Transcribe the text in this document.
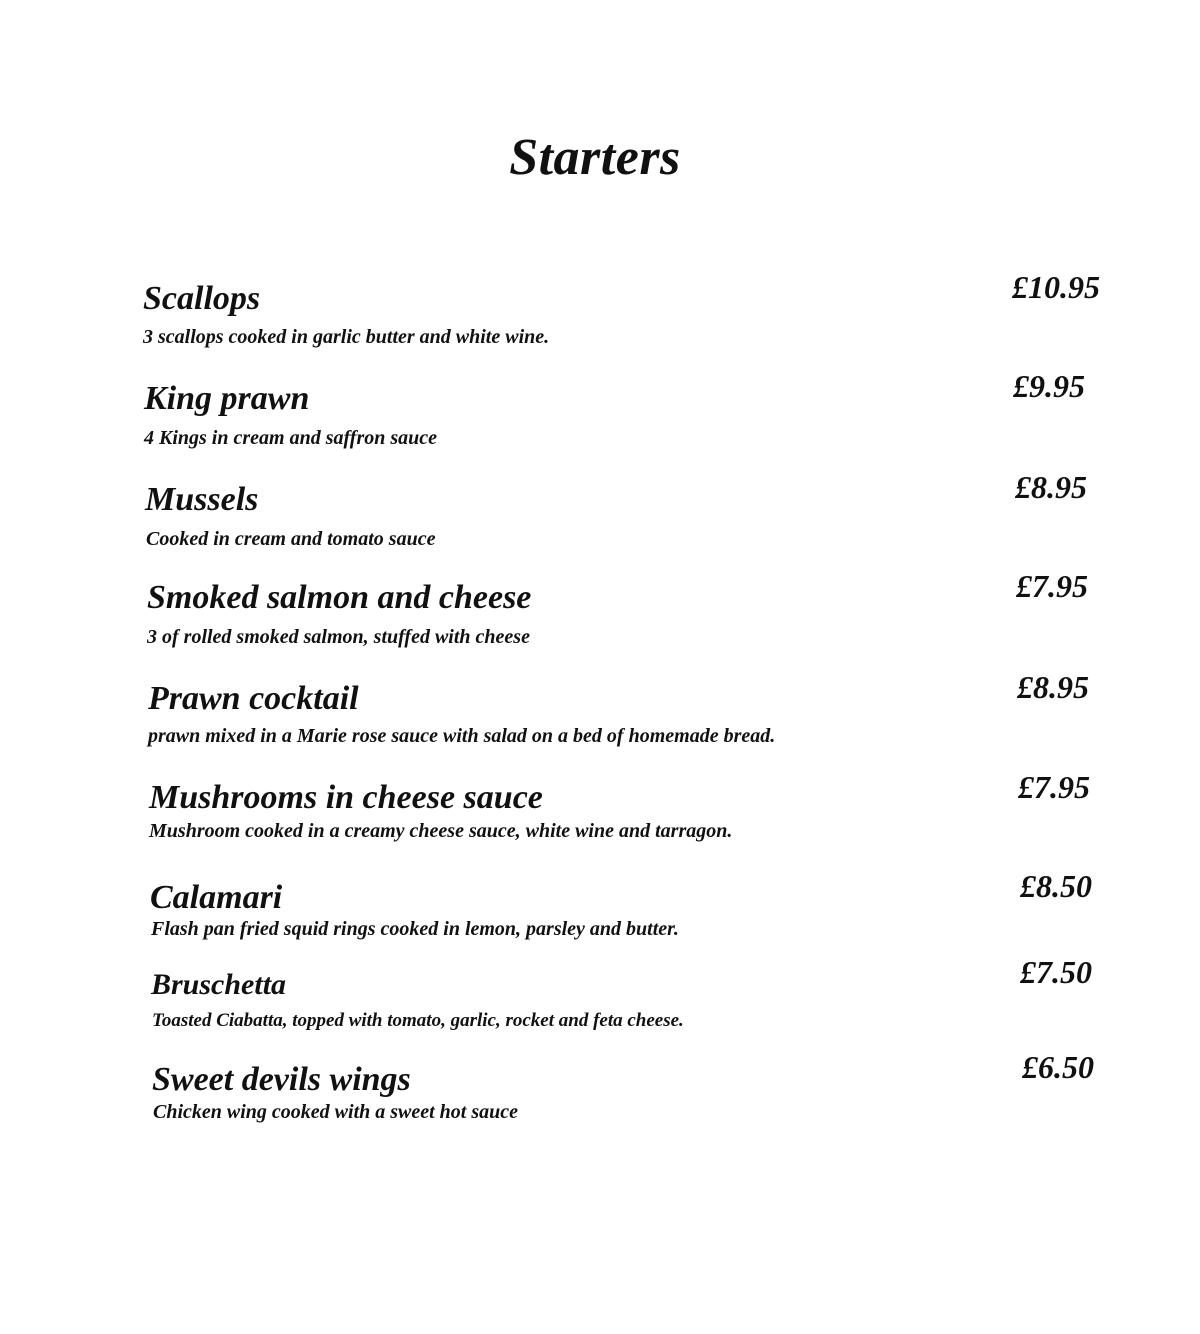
Starters
Scallops
3 scallops cooked in garlic butter and white wine.
£10.95
King prawn
4 Kings in cream and saffron sauce
£9.95
Mussels
Cooked in cream and tomato sauce
£8.95
Smoked salmon and cheese
3 of rolled smoked salmon, stuffed with cheese
£7.95
Prawn cocktail
prawn mixed in a Marie rose sauce with salad on a bed of homemade bread.
£8.95
Mushrooms in cheese sauce
Mushroom cooked in a creamy cheese sauce, white wine and tarragon.
£7.95
Calamari
Flash pan fried squid rings cooked in lemon, parsley and butter.
£8.50
Bruschetta
Toasted Ciabatta, topped with tomato, garlic, rocket and feta cheese.
£7.50
Sweet devils wings
Chicken wing cooked with a sweet hot sauce
£6.50
